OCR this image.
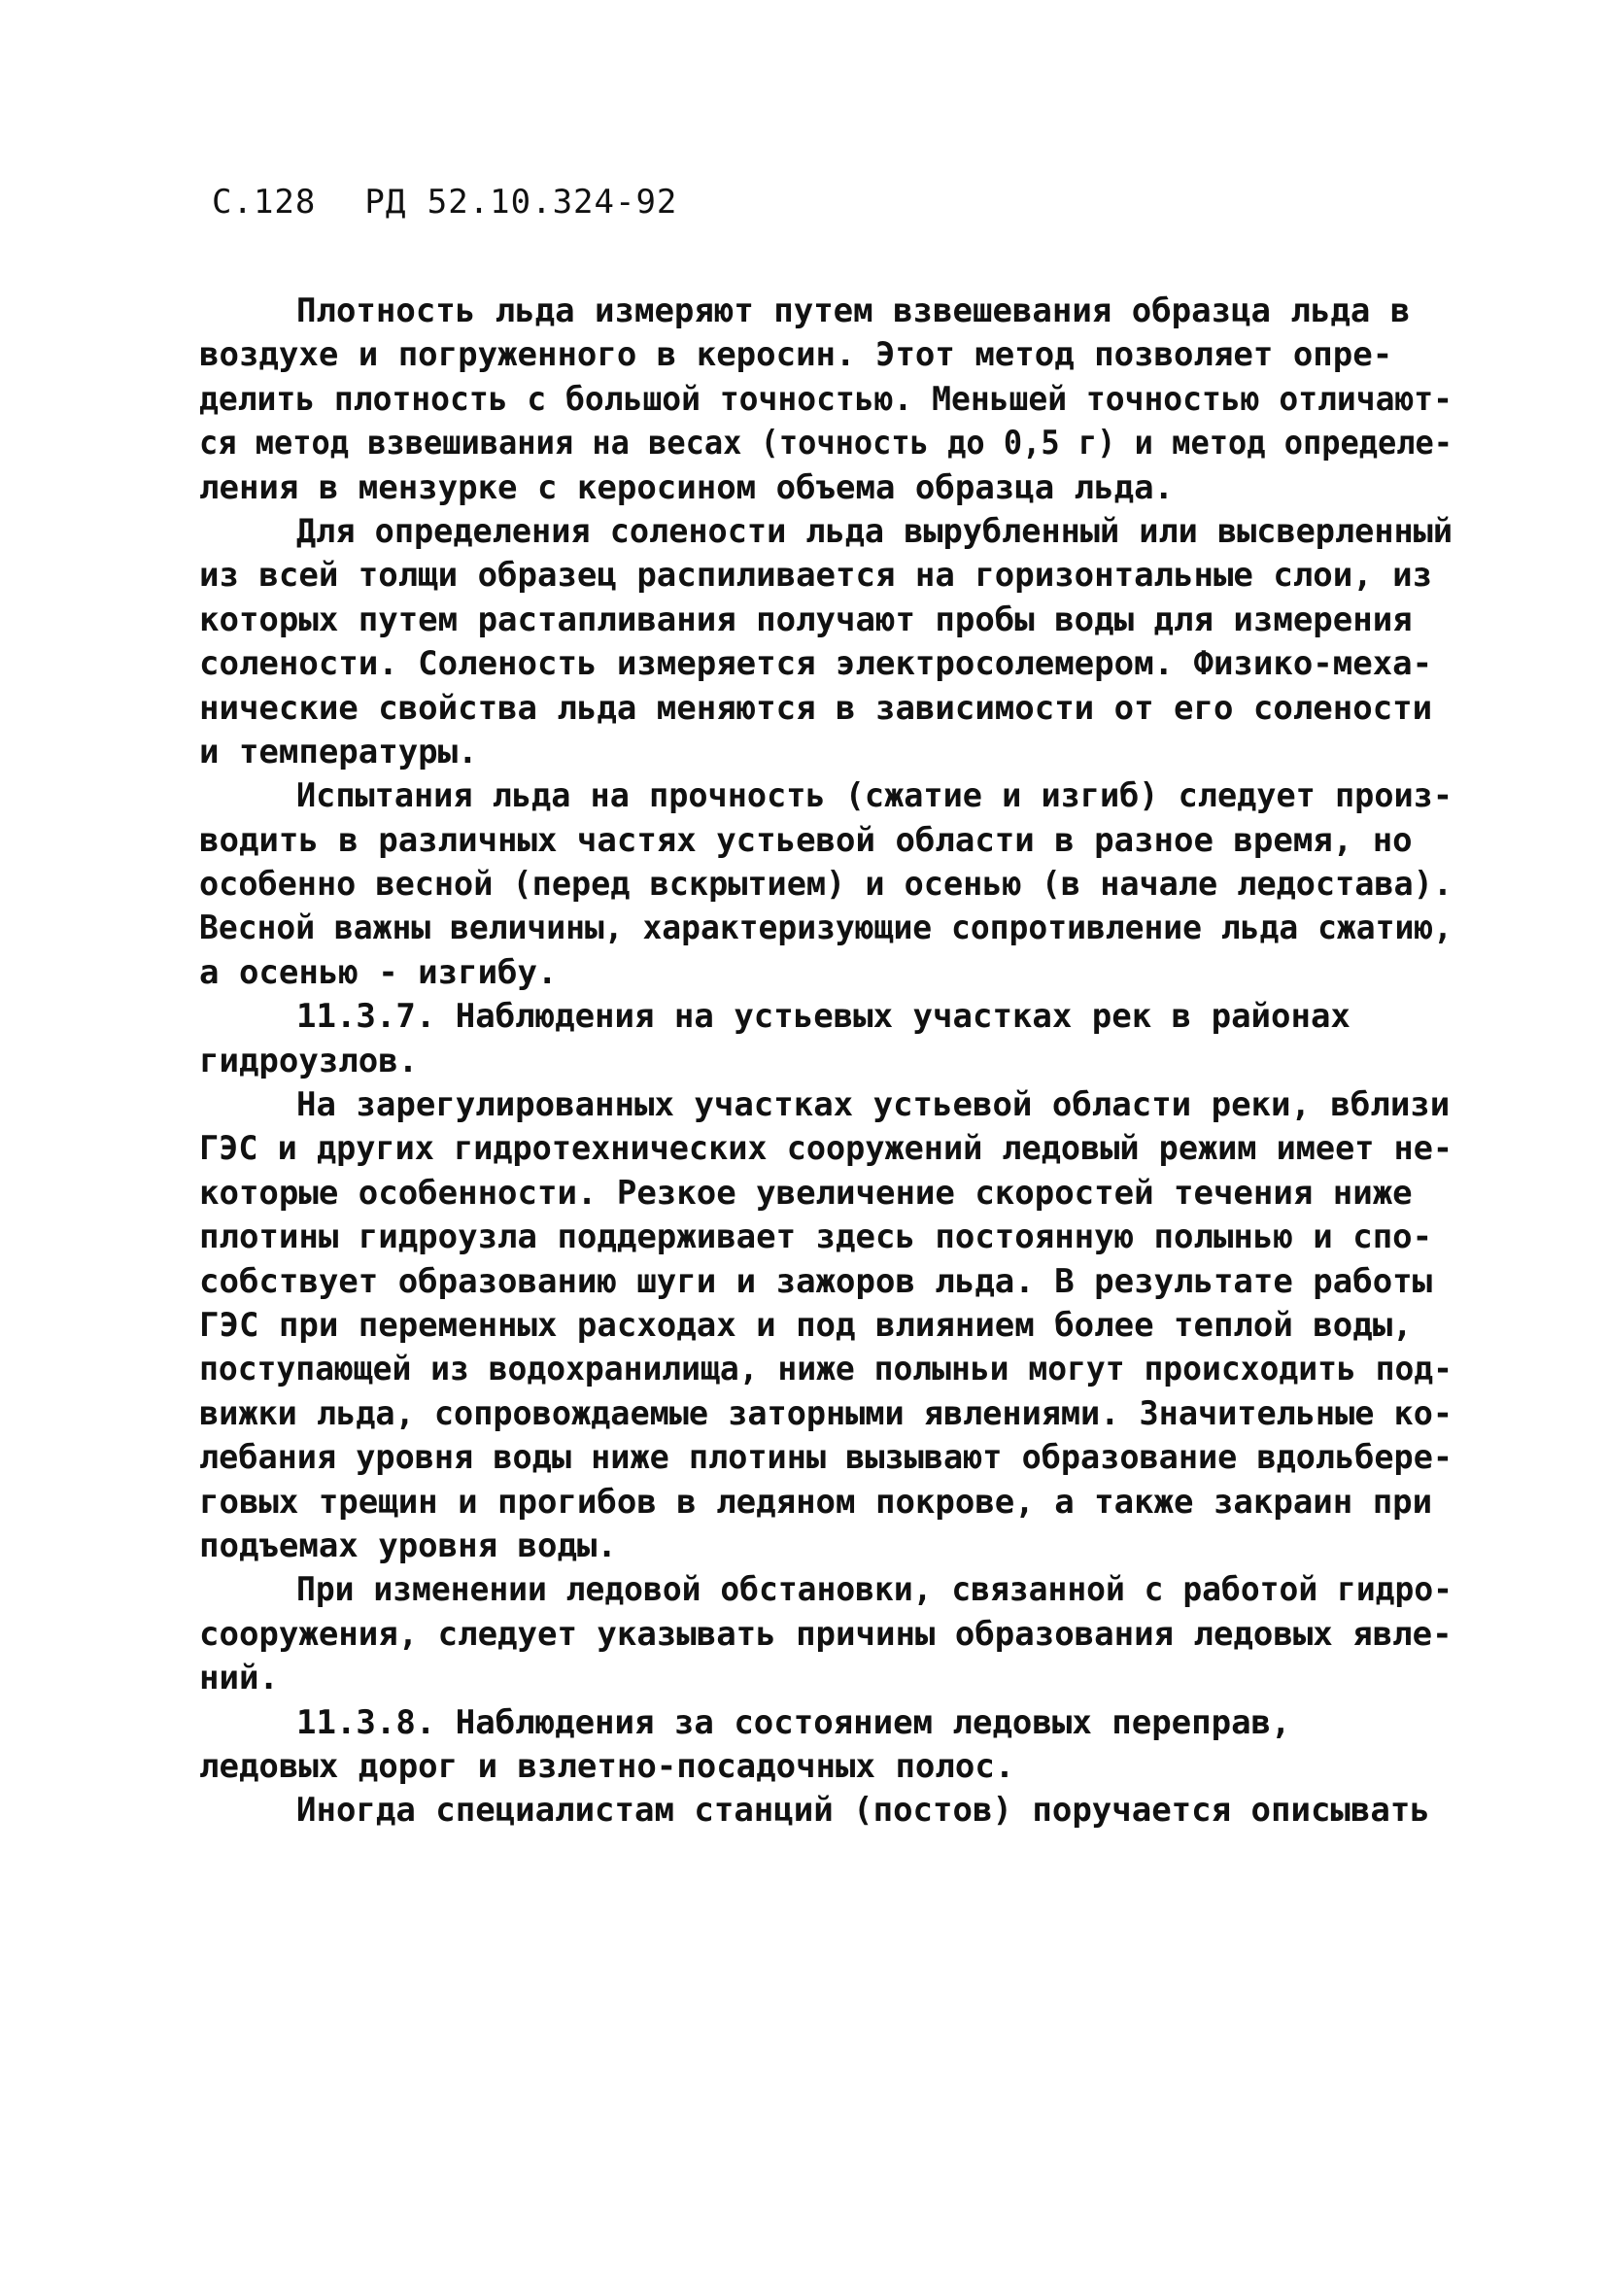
С.128 РД 52.10.324-92
Плотность льда измеряют путем взвешевания образца льда в
воздухе и погруженного в керосин. Этот метод позволяет опре-
делить плотность с большой точностью. Меньшей точностью отличают-
ся метод взвешивания на весах (точность до 0,5 г) и метод определе-
ления в мензурке с керосином объема образца льда.
Для определения солености льда вырубленный или высверленный
из всей толщи образец распиливается на горизонтальные слои, из
которых путем растапливания получают пробы воды для измерения
солености. Соленость измеряется электросолемером. Физико-меха-
нические свойства льда меняются в зависимости от его солености
и температуры.
Испытания льда на прочность (сжатие и изгиб) следует произ-
водить в различных частях устьевой области в разное время, но
особенно весной (перед вскрытием) и осенью (в начале ледостава).
Весной важны величины, характеризующие сопротивление льда сжатию,
а осенью - изгибу.
11.3.7. Наблюдения на устьевых участках рек в районах
гидроузлов.
На зарегулированных участках устьевой области реки, вблизи
ГЭС и других гидротехнических сооружений ледовый режим имеет не-
которые особенности. Резкое увеличение скоростей течения ниже
плотины гидроузла поддерживает здесь постоянную полынью и спо-
собствует образованию шуги и зажоров льда. В результате работы
ГЭС при переменных расходах и под влиянием более теплой воды,
поступающей из водохранилища, ниже полыньи могут происходить под-
вижки льда, сопровождаемые заторными явлениями. Значительные ко-
лебания уровня воды ниже плотины вызывают образование вдольбере-
говых трещин и прогибов в ледяном покрове, а также закраин при
подъемах уровня воды.
При изменении ледовой обстановки, связанной с работой гидро-
сооружения, следует указывать причины образования ледовых явле-
ний.
11.3.8. Наблюдения за состоянием ледовых переправ,
ледовых дорог и взлетно-посадочных полос.
Иногда специалистам станций (постов) поручается описывать
